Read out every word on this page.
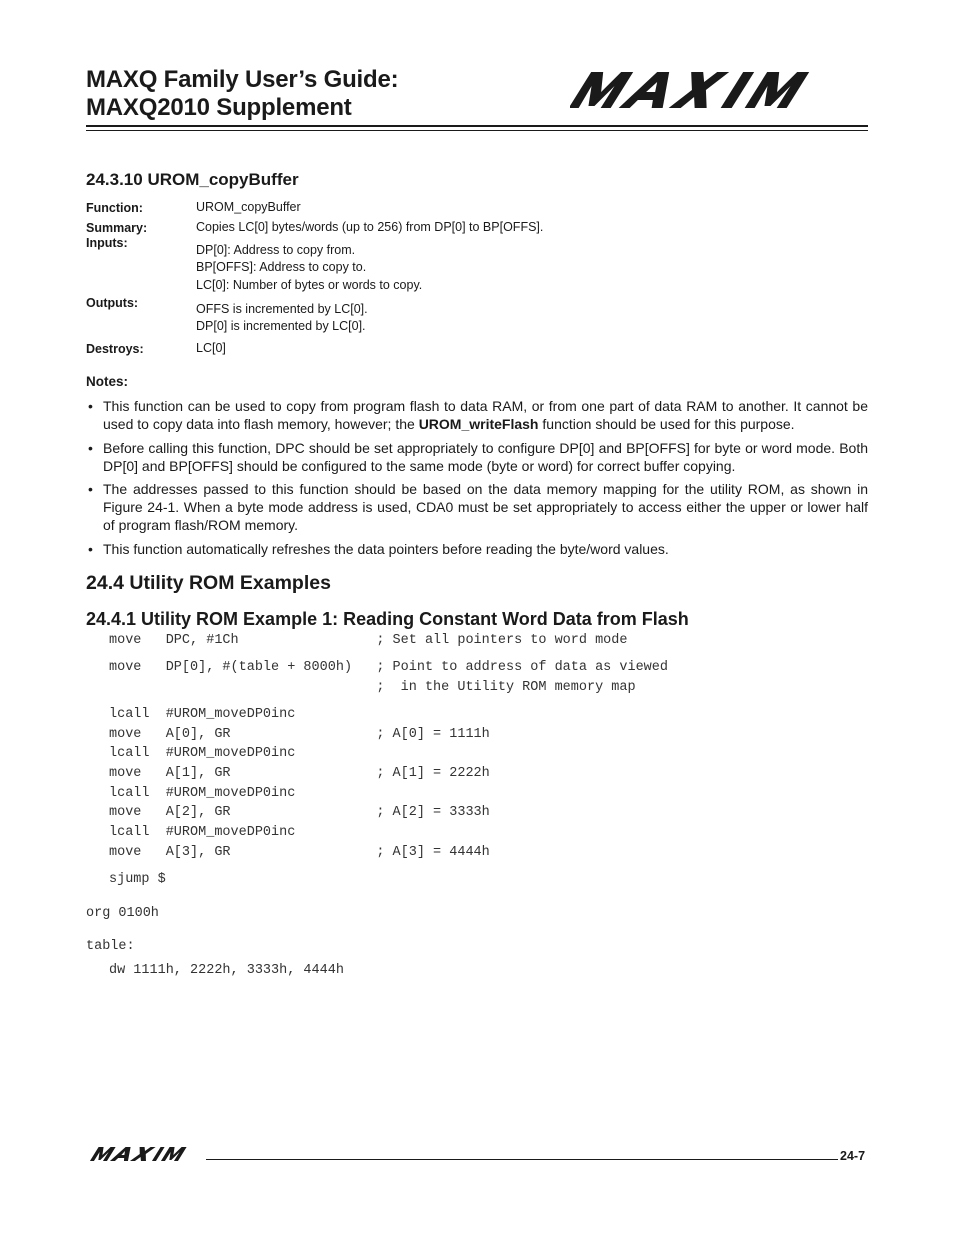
MAXQ Family User’s Guide:
MAXQ2010 Supplement
24.3.10 UROM_copyBuffer
Function:	UROM_copyBuffer
Summary:	Copies LC[0] bytes/words (up to 256) from DP[0] to BP[OFFS].
Inputs:	DP[0]: Address to copy from.
BP[OFFS]: Address to copy to.
LC[0]: Number of bytes or words to copy.
Outputs:	OFFS is incremented by LC[0].
DP[0] is incremented by LC[0].
Destroys:	LC[0]
Notes:
• This function can be used to copy from program flash to data RAM, or from one part of data RAM to another. It cannot be used to copy data into flash memory, however; the UROM_writeFlash function should be used for this purpose.
• Before calling this function, DPC should be set appropriately to configure DP[0] and BP[OFFS] for byte or word mode. Both DP[0] and BP[OFFS] should be configured to the same mode (byte or word) for correct buffer copying.
• The addresses passed to this function should be based on the data memory mapping for the utility ROM, as shown in Figure 24-1. When a byte mode address is used, CDA0 must be set appropriately to access either the upper or lower half of program flash/ROM memory.
• This function automatically refreshes the data pointers before reading the byte/word values.
24.4 Utility ROM Examples
24.4.1 Utility ROM Example 1: Reading Constant Word Data from Flash
move   DPC, #1Ch                 ; Set all pointers to word mode
move   DP[0], #(table + 8000h)   ; Point to address of data as viewed
;  in the Utility ROM memory map
lcall  #UROM_moveDP0inc
move   A[0], GR                  ; A[0] = 1111h
lcall  #UROM_moveDP0inc
move   A[1], GR                  ; A[1] = 2222h
lcall  #UROM_moveDP0inc
move   A[2], GR                  ; A[2] = 3333h
lcall  #UROM_moveDP0inc
move   A[3], GR                  ; A[3] = 4444h
sjump $
org 0100h
table:
dw 1111h, 2222h, 3333h, 4444h
24-7
